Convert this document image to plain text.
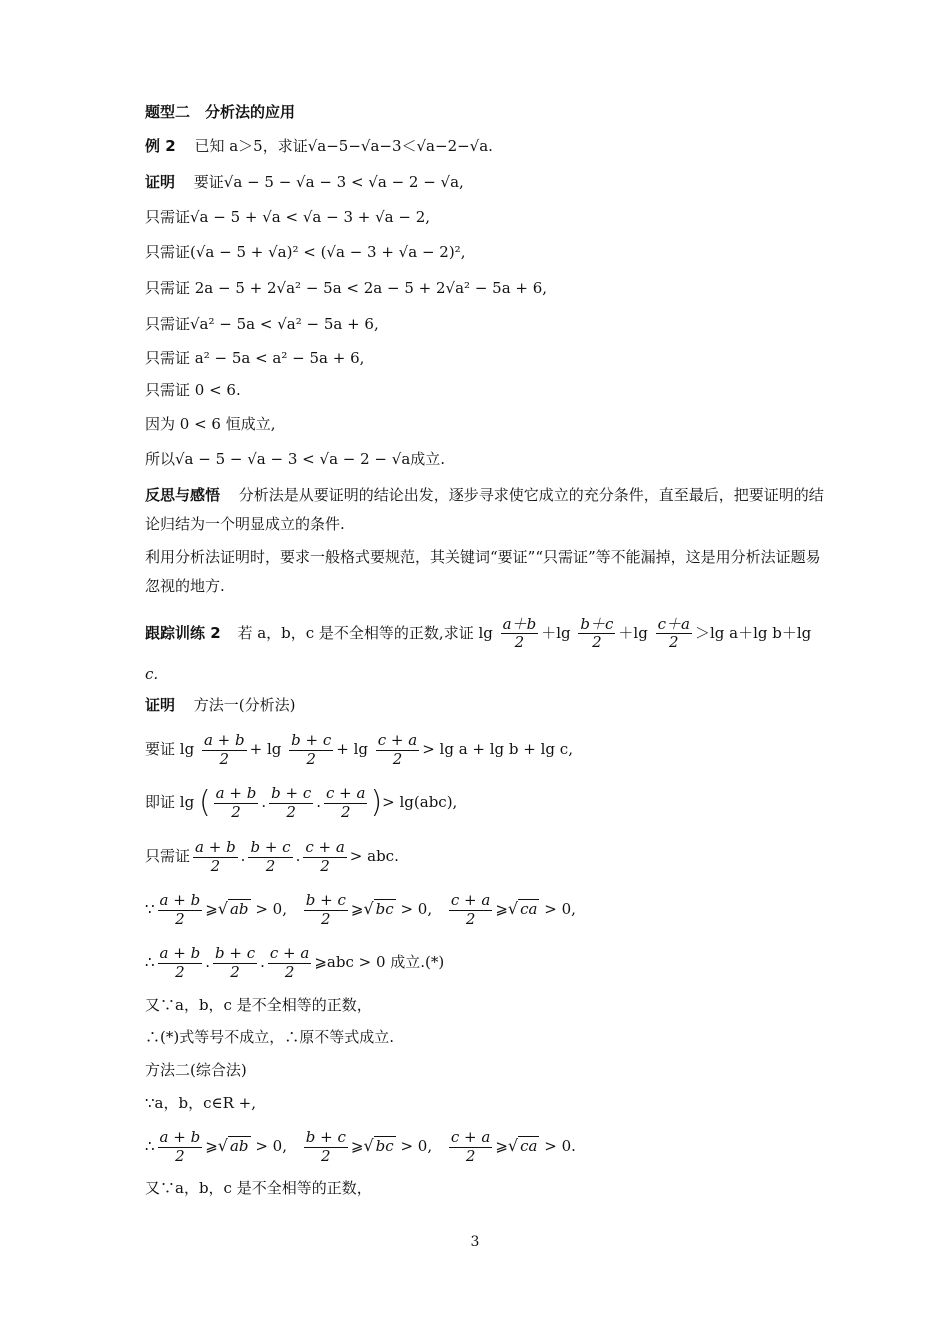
题型二　分析法的应用
例 2 已知 a＞5，求证√a−5−√a−3＜√a−2−√a.
证明 要证√a − 5 − √a − 3 < √a − 2 − √a,
只需证√a − 5 + √a < √a − 3 + √a − 2,
只需证(√a − 5 + √a)² < (√a − 3 + √a − 2)²,
只需证 2a − 5 + 2√a² − 5a < 2a − 5 + 2√a² − 5a + 6,
只需证√a² − 5a < √a² − 5a + 6,
只需证 a² − 5a < a² − 5a + 6,
只需证 0 < 6.
因为 0 < 6 恒成立,
所以√a − 5 − √a − 3 < √a − 2 − √a成立.
反思与感悟 分析法是从要证明的结论出发，逐步寻求使它成立的充分条件，直至最后，把要证明的结论归结为一个明显成立的条件.
利用分析法证明时，要求一般格式要规范，其关键词“要证”“只需证”等不能漏掉，这是用分析法证题易忽视的地方.
跟踪训练 2 若 a，b，c 是不全相等的正数,求证 $\lg \frac{a+b}{2} +\lg \frac{b+c}{2} +\lg \frac{c+a}{2} >\lg$ a＋lg b＋lg
c.
证明 方法一(分析法)
要证 $\lg \frac{a + b}{2} + \lg \frac{b + c}{2} + \lg \frac{c + a}{2} > \lg a + \lg b + \lg c$,
即证 lg ( $\frac{a + b}{2}$ . $\frac{b + c}{2}$ . $\frac{c + a}{2}$ )> lg(abc),
只需证 $\frac{a + b}{2}$ . $\frac{b + c}{2}$ . $\frac{c + a}{2}$ > abc.
∵ $\frac{a + b}{2}$ ⩾√ ab > 0, $\frac{b + c}{2}$ ⩾√ bc > 0, $\frac{c + a}{2}$ ⩾√ ca > 0,
∴ $\frac{a + b}{2}$ . $\frac{b + c}{2}$ . $\frac{c + a}{2}$ ⩾abc > 0 成立.(*)
又∵a，b，c 是不全相等的正数，
∴(*)式等号不成立，∴原不等式成立.
方法二(综合法)
∵a，b，c∈R +,
∴ $\frac{a + b}{2}$ ⩾√ ab > 0, $\frac{b + c}{2}$ ⩾√ bc > 0, $\frac{c + a}{2}$ ⩾√ ca > 0.
又∵a，b，c 是不全相等的正数，
3
